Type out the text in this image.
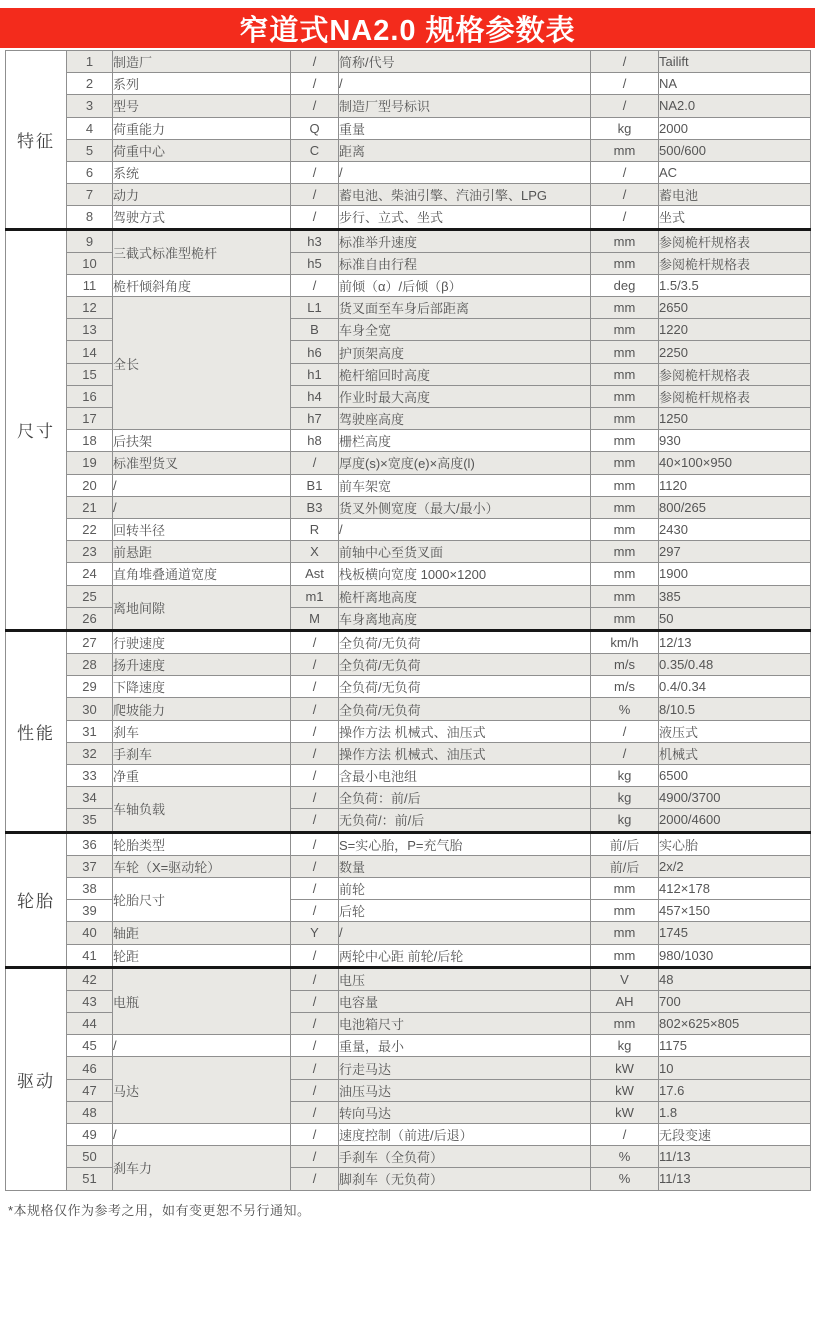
窄道式NA2.0 规格参数表
特征	1	制造厂	/	简称/代号	/	Tailift
	2	系列	/	/	/	NA
	3	型号	/	制造厂型号标识	/	NA2.0
	4	荷重能力	Q	重量	kg	2000
	5	荷重中心	C	距离	mm	500/600
	6	系统	/	/	/	AC
	7	动力	/	蓄电池、柴油引擎、汽油引擎、LPG	/	蓄电池
	8	驾驶方式	/	步行、立式、坐式	/	坐式
尺寸	9	三截式标准型桅杆	h3	标准举升速度	mm	参阅桅杆规格表
	10		h5	标准自由行程	mm	参阅桅杆规格表
	11	桅杆倾斜角度	/	前倾（α）/后倾（β）	deg	1.5/3.5
	12	全长	L1	货叉面至车身后部距离	mm	2650
	13		B	车身全宽	mm	1220
	14		h6	护顶架高度	mm	2250
	15		h1	桅杆缩回时高度	mm	参阅桅杆规格表
	16		h4	作业时最大高度	mm	参阅桅杆规格表
	17		h7	驾驶座高度	mm	1250
	18	后扶架	h8	栅栏高度	mm	930
	19	标准型货叉	/	厚度(s)×宽度(e)×高度(l)	mm	40×100×950
	20	/	B1	前车架宽	mm	1120
	21	/	B3	货叉外侧宽度（最大/最小）	mm	800/265
	22	回转半径	R	/	mm	2430
	23	前悬距	X	前轴中心至货叉面	mm	297
	24	直角堆叠通道宽度	Ast	栈板横向宽度 1000×1200	mm	1900
	25	离地间隙	m1	桅杆离地高度	mm	385
	26		M	车身离地高度	mm	50
性能	27	行驶速度	/	全负荷/无负荷	km/h	12/13
	28	扬升速度	/	全负荷/无负荷	m/s	0.35/0.48
	29	下降速度	/	全负荷/无负荷	m/s	0.4/0.34
	30	爬坡能力	/	全负荷/无负荷	%	8/10.5
	31	刹车	/	操作方法 机械式、油压式	/	液压式
	32	手刹车	/	操作方法 机械式、油压式	/	机械式
	33	净重	/	含最小电池组	kg	6500
	34	车轴负载	/	全负荷：前/后	kg	4900/3700
	35		/	无负荷/：前/后	kg	2000/4600
轮胎	36	轮胎类型	/	S=实心胎，P=充气胎	前/后	实心胎
	37	车轮（X=驱动轮）	/	数量	前/后	2x/2
	38	轮胎尺寸	/	前轮	mm	412×178
	39		/	后轮	mm	457×150
	40	轴距	Y	/	mm	1745
	41	轮距	/	两轮中心距 前轮/后轮	mm	980/1030
驱动	42	电瓶	/	电压	V	48
	43		/	电容量	AH	700
	44		/	电池箱尺寸	mm	802×625×805
	45	/	/	重量，最小	kg	1175
	46	马达	/	行走马达	kW	10
	47		/	油压马达	kW	17.6
	48		/	转向马达	kW	1.8
	49	/	/	速度控制（前进/后退）	/	无段变速
	50	刹车力	/	手刹车（全负荷）	%	11/13
	51		/	脚刹车（无负荷）	%	11/13
*本规格仅作为参考之用，如有变更恕不另行通知。
